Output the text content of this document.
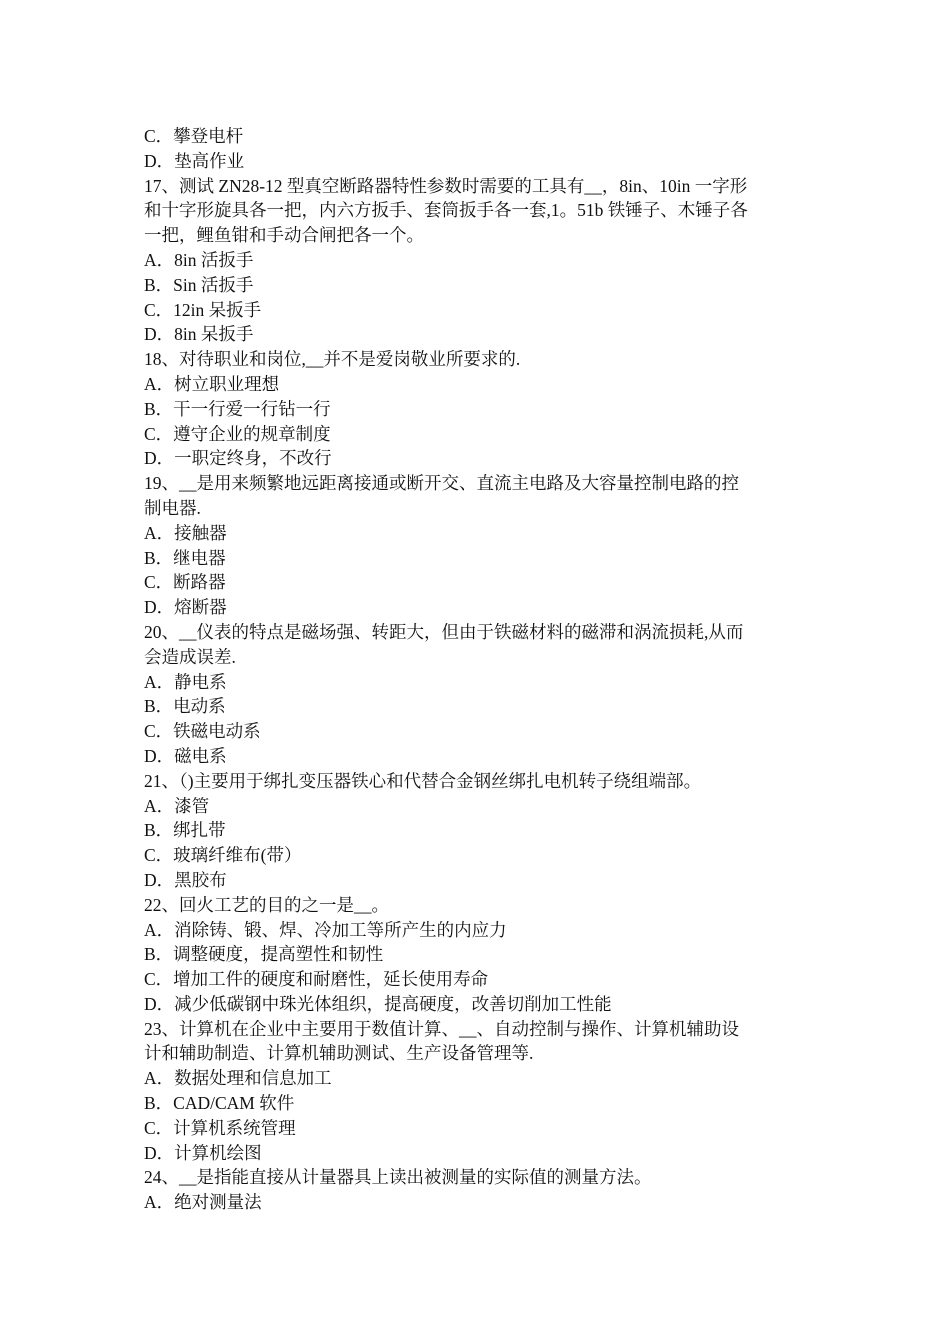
C．攀登电杆
D．垫高作业
17、测试 ZN28-12 型真空断路器特性参数时需要的工具有__，8in、10in 一字形
和十字形旋具各一把，内六方扳手、套筒扳手各一套,1。51b 铁锤子、木锤子各
一把，鲤鱼钳和手动合闸把各一个。
A．8in 活扳手
B．Sin 活扳手
C．12in 呆扳手
D．8in 呆扳手
18、对待职业和岗位,__并不是爱岗敬业所要求的.
A．树立职业理想
B．干一行爱一行钻一行
C．遵守企业的规章制度
D．一职定终身，不改行
19、__是用来频繁地远距离接通或断开交、直流主电路及大容量控制电路的控
制电器.
A．接触器
B．继电器
C．断路器
D．熔断器
20、__仪表的特点是磁场强、转距大，但由于铁磁材料的磁滞和涡流损耗,从而
会造成误差.
A．静电系
B．电动系
C．铁磁电动系
D．磁电系
21、（)主要用于绑扎变压器铁心和代替合金钢丝绑扎电机转子绕组端部。
A．漆管
B．绑扎带
C．玻璃纤维布(带）
D．黑胶布
22、回火工艺的目的之一是__。
A．消除铸、锻、焊、冷加工等所产生的内应力
B．调整硬度，提高塑性和韧性
C．增加工件的硬度和耐磨性，延长使用寿命
D．减少低碳钢中珠光体组织，提高硬度，改善切削加工性能
23、计算机在企业中主要用于数值计算、__、自动控制与操作、计算机辅助设
计和辅助制造、计算机辅助测试、生产设备管理等.
A．数据处理和信息加工
B．CAD/CAM 软件
C．计算机系统管理
D．计算机绘图
24、__是指能直接从计量器具上读出被测量的实际值的测量方法。
A．绝对测量法
